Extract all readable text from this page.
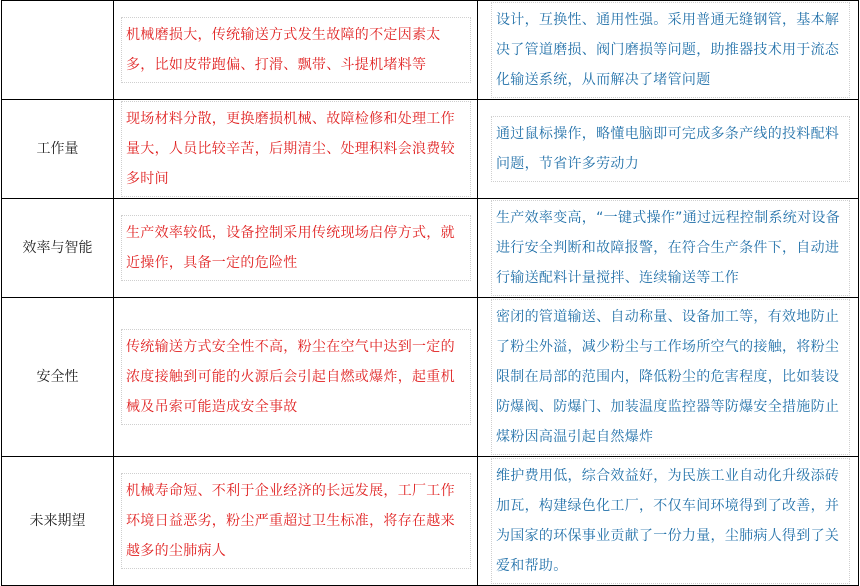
	机械磨损大，传统输送方式发生故障的不定因素太多，比如皮带跑偏、打滑、飘带、斗提机堵料等	设计，互换性、通用性强。采用普通无缝钢管，基本解决了管道磨损、阀门磨损等问题，助推器技术用于流态化输送系统，从而解决了堵管问题

工作量	现场材料分散，更换磨损机械、故障检修和处理工作量大，人员比较辛苦，后期清尘、处理积料会浪费较多时间	通过鼠标操作，略懂电脑即可完成多条产线的投料配料问题，节省许多劳动力

效率与智能	生产效率较低，设备控制采用传统现场启停方式，就近操作，具备一定的危险性	生产效率变高，“一键式操作”通过远程控制系统对设备进行安全判断和故障报警，在符合生产条件下，自动进行输送配料计量搅拌、连续输送等工作

安全性	传统输送方式安全性不高，粉尘在空气中达到一定的浓度接触到可能的火源后会引起自燃或爆炸，起重机械及吊索可能造成安全事故	密闭的管道输送、自动称量、设备加工等，有效地防止了粉尘外溢，减少粉尘与工作场所空气的接触，将粉尘限制在局部的范围内，降低粉尘的危害程度，比如装设防爆阀、防爆门、加装温度监控器等防爆安全措施防止煤粉因高温引起自然爆炸

未来期望	机械寿命短、不利于企业经济的长远发展，工厂工作环境日益恶劣，粉尘严重超过卫生标准，将存在越来越多的尘肺病人	维护费用低，综合效益好，为民族工业自动化升级添砖加瓦，构建绿色化工厂，不仅车间环境得到了改善，并为国家的环保事业贡献了一份力量，尘肺病人得到了关爱和帮助。
